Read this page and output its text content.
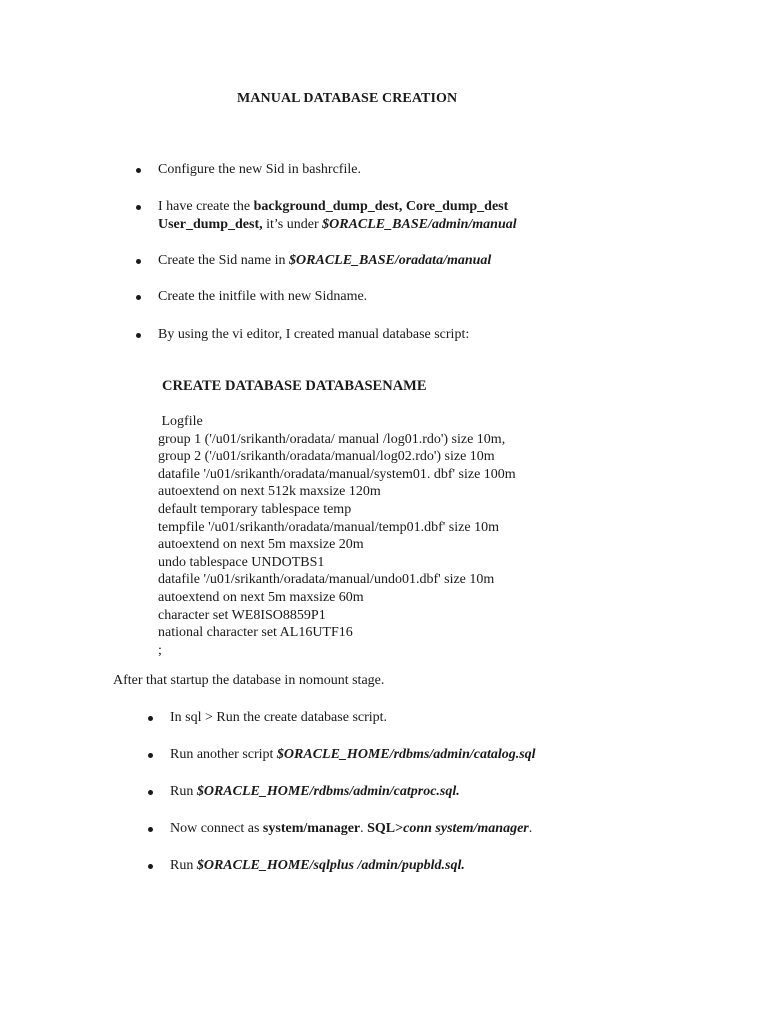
MANUAL DATABASE CREATION
Configure the new Sid in bashrcfile.
I have create the background_dump_dest, Core_dump_dest
User_dump_dest, it’s under $ORACLE_BASE/admin/manual
Create the Sid name in $ORACLE_BASE/oradata/manual
Create the initfile with new Sidname.
By using the vi editor, I created manual database script:
CREATE DATABASE DATABASENAME
Logfile
group 1 ('/u01/srikanth/oradata/ manual /log01.rdo') size 10m,
group 2 ('/u01/srikanth/oradata/manual/log02.rdo') size 10m
datafile '/u01/srikanth/oradata/manual/system01. dbf' size 100m
autoextend on next 512k maxsize 120m
default temporary tablespace temp
tempfile '/u01/srikanth/oradata/manual/temp01.dbf' size 10m
autoextend on next 5m maxsize 20m
undo tablespace UNDOTBS1
datafile '/u01/srikanth/oradata/manual/undo01.dbf' size 10m
autoextend on next 5m maxsize 60m
character set WE8ISO8859P1
national character set AL16UTF16
;
After that startup the database in nomount stage.
In sql > Run the create database script.
Run another script $ORACLE_HOME/rdbms/admin/catalog.sql
Run $ORACLE_HOME/rdbms/admin/catproc.sql.
Now connect as system/manager. SQL>conn system/manager.
Run $ORACLE_HOME/sqlplus /admin/pupbld.sql.
